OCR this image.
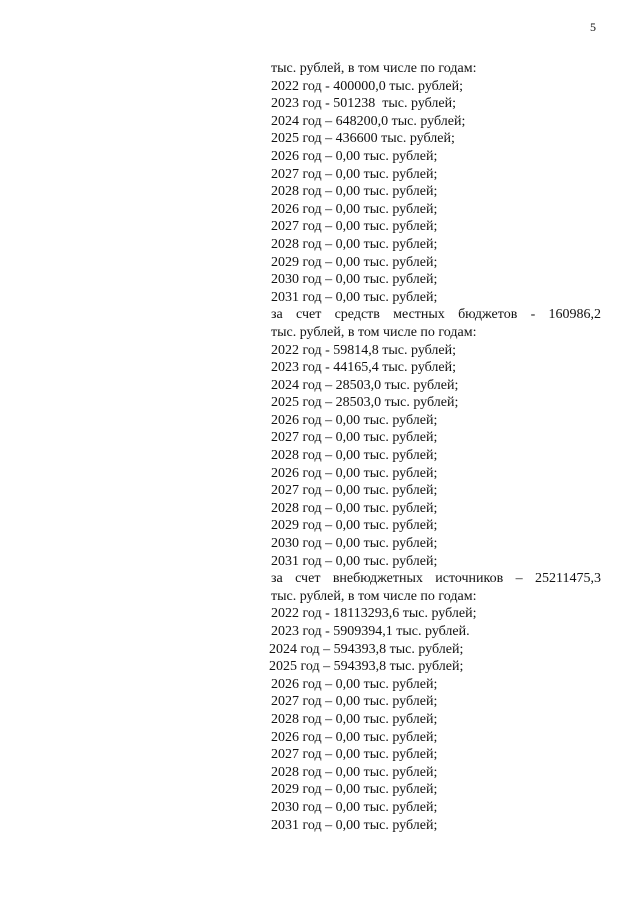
5
тыс. рублей, в том числе по годам:
2022 год - 400000,0 тыс. рублей;
2023 год - 501238  тыс. рублей;
2024 год – 648200,0 тыс. рублей;
2025 год – 436600 тыс. рублей;
2026 год – 0,00 тыс. рублей;
2027 год – 0,00 тыс. рублей;
2028 год – 0,00 тыс. рублей;
2026 год – 0,00 тыс. рублей;
2027 год – 0,00 тыс. рублей;
2028 год – 0,00 тыс. рублей;
2029 год – 0,00 тыс. рублей;
2030 год – 0,00 тыс. рублей;
2031 год – 0,00 тыс. рублей;
за счет средств местных бюджетов - 160986,2
тыс. рублей, в том числе по годам:
2022 год - 59814,8 тыс. рублей;
2023 год - 44165,4 тыс. рублей;
2024 год – 28503,0 тыс. рублей;
2025 год – 28503,0 тыс. рублей;
2026 год – 0,00 тыс. рублей;
2027 год – 0,00 тыс. рублей;
2028 год – 0,00 тыс. рублей;
2026 год – 0,00 тыс. рублей;
2027 год – 0,00 тыс. рублей;
2028 год – 0,00 тыс. рублей;
2029 год – 0,00 тыс. рублей;
2030 год – 0,00 тыс. рублей;
2031 год – 0,00 тыс. рублей;
за счет внебюджетных источников – 25211475,3
тыс. рублей, в том числе по годам:
2022 год - 18113293,6 тыс. рублей;
2023 год - 5909394,1 тыс. рублей.
2024 год – 594393,8 тыс. рублей;
2025 год – 594393,8 тыс. рублей;
2026 год – 0,00 тыс. рублей;
2027 год – 0,00 тыс. рублей;
2028 год – 0,00 тыс. рублей;
2026 год – 0,00 тыс. рублей;
2027 год – 0,00 тыс. рублей;
2028 год – 0,00 тыс. рублей;
2029 год – 0,00 тыс. рублей;
2030 год – 0,00 тыс. рублей;
2031 год – 0,00 тыс. рублей;
